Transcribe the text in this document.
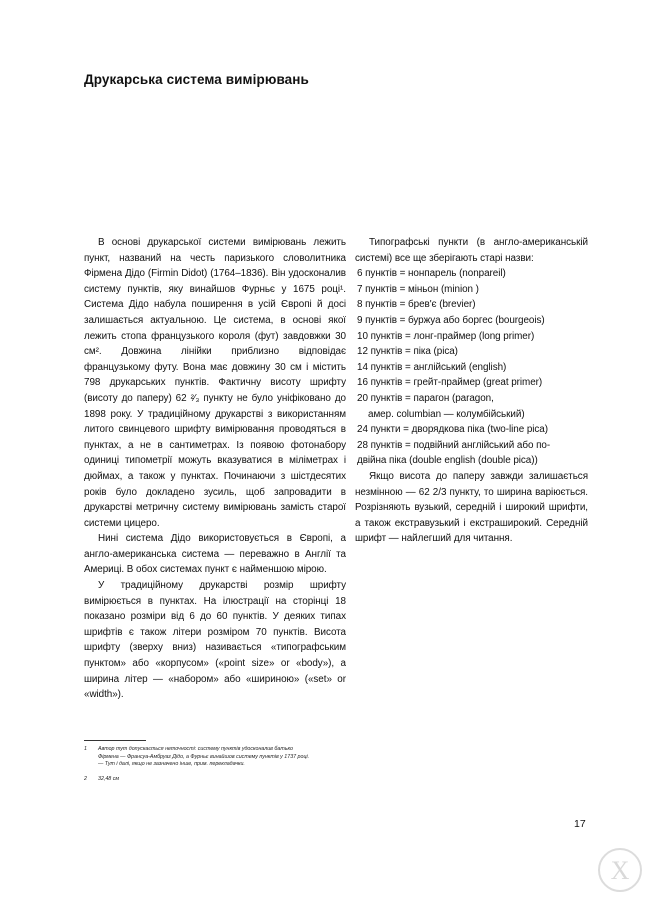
Друкарська система вимірювань

В основі друкарської системи вимірювань лежить пункт, названий на честь паризького словолитника Фірмена Дідо (Firmin Didot) (1764–1836). Він удосконалив систему пунктів, яку винайшов Фурньє у 1675 році¹. Система Дідо набула поширення в усій Європі й досі залишається актуальною. Це система, в основі якої лежить стопа французького короля (фут) завдовжки 30 см². Довжина лінійки приблизно відповідає французькому футу. Вона має довжину 30 см і містить 798 друкарських пунктів. Фактичну висоту шрифту (висоту до паперу) 62 ²⁄₃ пункту не було уніфіковано до 1898 року. У традиційному друкарстві з використанням литого свинцевого шрифту вимірювання проводяться в пунктах, а не в сантиметрах. Із появою фотонабору одиниці типометрії можуть вказуватися в міліметрах і дюймах, а також у пунктах. Починаючи з шістдесятих років було докладено зусиль, щоб запровадити в друкарстві метричну систему вимірювань замість старої системи цицеро.

Нині система Дідо використовується в Європі, а англо-американська система — переважно в Англії та Америці. В обох системах пункт є найменшою мірою.

У традиційному друкарстві розмір шрифту вимірюється в пунктах. На ілюстрації на сторінці 18 показано розміри від 6 до 60 пунктів. У деяких типах шрифтів є також літери розміром 70 пунктів. Висота шрифту (зверху вниз) називається «типографським пунктом» або «корпусом» («point size» or «body»), а ширина літер — «набором» або «шириною» («set» or «width»).

Типографські пункти (в англо-американській системі) все ще зберігають старі назви:

6 пунктів = нонпарель (nonpareil)
7 пунктів = міньон (minion )
8 пунктів = брев'є (brevier)
9 пунктів = буржуа або боргес (bourgeois)
10 пунктів = лонг-праймер (long primer)
12 пунктів = піка (pica)
14 пунктів = англійський (english)
16 пунктів = грейт-праймер (great primer)
20 пунктів = парагон (paragon,
амер. columbian — колумбійський)
24 пункти = дворядкова піка (two-line pica)
28 пунктів = подвійний англійський або по-
двійна піка (double english (double pica))

Якщо висота до паперу завжди залишається незмінною — 62 2/3 пункту, то ширина варіюється. Розрізняють вузький, середній і широкий шрифти, а також екстравузький і екстраширокий. Середній шрифт — найлегший для читання.

1 Автор тут допускається неточності: систему пунктів удосконалив батько Фірмена — Франсуа-Амбруаз Дідо, а Фурньє винайшов систему пунктів у 1737 році. — Тут і далі, якщо не зазначено інше, прим. перекладачки.
2 32,48 см
17
Х
